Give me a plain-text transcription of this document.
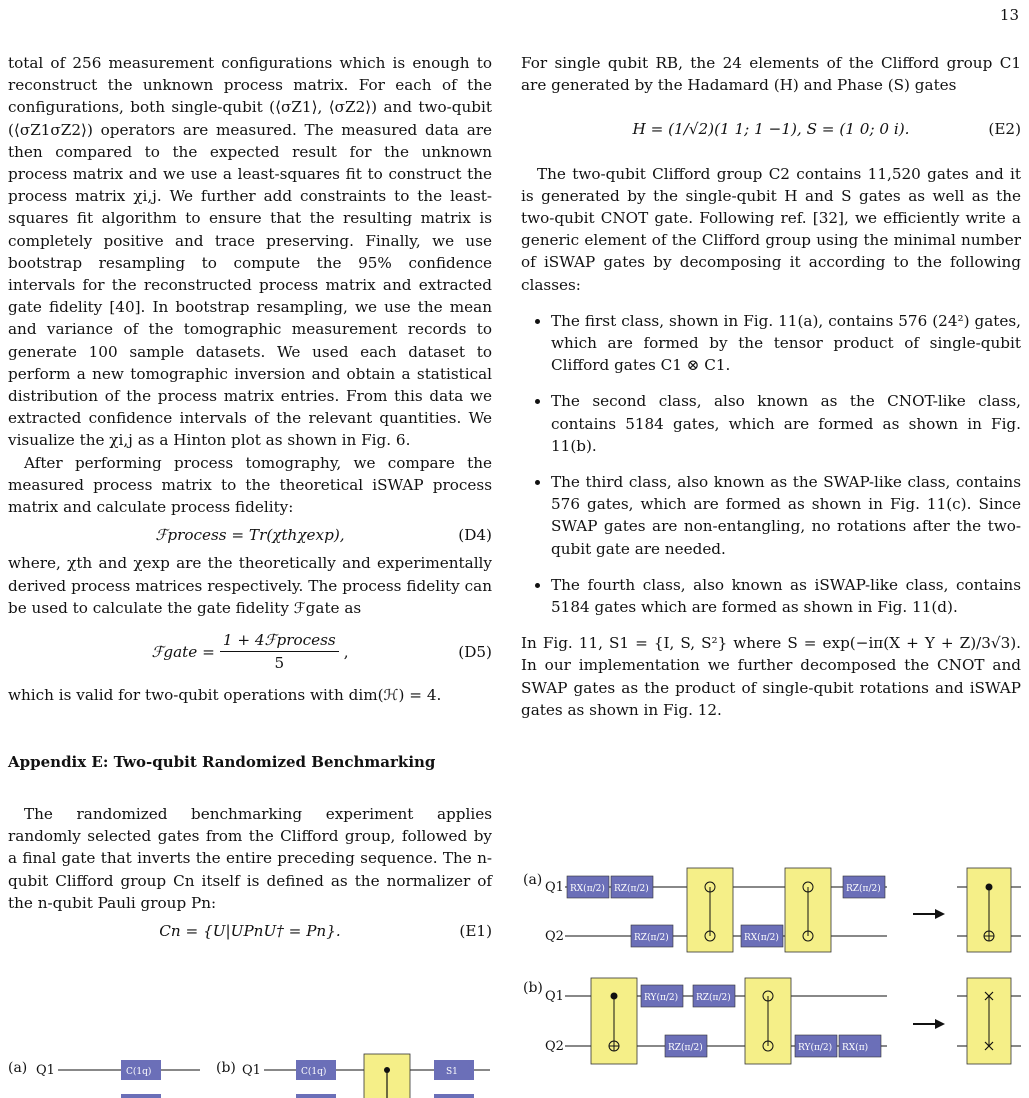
13

total of 256 measurement configurations which is enough to reconstruct the unknown process matrix. For each of the configurations, both single-qubit (⟨σZ1⟩, ⟨σZ2⟩) and two-qubit (⟨σZ1σZ2⟩) operators are measured. The measured data are then compared to the expected result for the unknown process matrix and we use a least-squares fit to construct the process matrix χi,j. We further add constraints to the least-squares fit algorithm to ensure that the resulting matrix is completely positive and trace preserving. Finally, we use bootstrap resampling to compute the 95% confidence intervals for the reconstructed process matrix and extracted gate fidelity [40]. In bootstrap resampling, we use the mean and variance of the tomographic measurement records to generate 100 sample datasets. We used each dataset to perform a new tomographic inversion and obtain a statistical distribution of the process matrix entries. From this data we extracted confidence intervals of the relevant quantities. We visualize the χi,j as a Hinton plot as shown in Fig. 6.

After performing process tomography, we compare the measured process matrix to the theoretical iSWAP process matrix and calculate process fidelity:

ℱprocess = Tr(χthχexp),	(D4)

where, χth and χexp are the theoretically and experimentally derived process matrices respectively. The process fidelity can be used to calculate the gate fidelity ℱgate as

ℱgate =
1 + 4ℱprocess
5
,	(D5)

which is valid for two-qubit operations with dim(ℋ) = 4.

Appendix E: Two-qubit Randomized Benchmarking

The randomized benchmarking experiment applies randomly selected gates from the Clifford group, followed by a final gate that inverts the entire preceding sequence. The n-qubit Clifford group Cn itself is defined as the normalizer of the n-qubit Pauli group Pn:

Cn = {U|UPnU† = Pn}.	(E1)

For single qubit RB, the 24 elements of the Clifford group C1 are generated by the Hadamard (H) and Phase (S) gates

H = (1/√2)(1 1; 1 −1), S = (1 0; 0 i).	(E2)

The two-qubit Clifford group C2 contains 11,520 gates and it is generated by the single-qubit H and S gates as well as the two-qubit CNOT gate. Following ref. [32], we efficiently write a generic element of the Clifford group using the minimal number of iSWAP gates by decomposing it according to the following classes:

• The first class, shown in Fig. 11(a), contains 576 (24²) gates, which are formed by the tensor product of single-qubit Clifford gates C1 ⊗ C1.
• The second class, also known as the CNOT-like class, contains 5184 gates, which are formed as shown in Fig. 11(b).
• The third class, also known as the SWAP-like class, contains 576 gates, which are formed as shown in Fig. 11(c). Since SWAP gates are non-entangling, no rotations after the two-qubit gate are needed.
• The fourth class, also known as iSWAP-like class, contains 5184 gates which are formed as shown in Fig. 11(d).

In Fig. 11, S1 = {I, S, S²} where S = exp(−iπ(X + Y + Z)/3√3). In our implementation we further decomposed the CNOT and SWAP gates as the product of single-qubit rotations and iSWAP gates as shown in Fig. 12.

(a) Q1	C(1q)	(b) Q1	C(1q)	S1
(a) Q1
Q2
RX(π/2) RZ(π/2)
RZ(π/2)	RX(π/2)
RZ(π/2)
(b)
Q1
Q2
RY(π/2) RZ(π/2)
RZ(π/2)	RY(π/2) RX(π)
